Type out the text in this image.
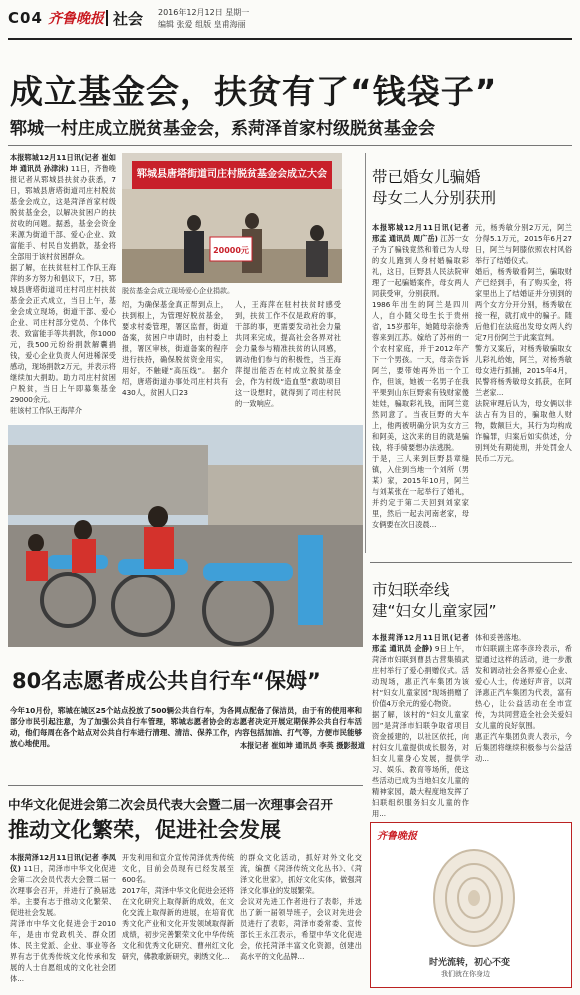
C04 齐鲁晚报 社会 2016年12月12日 星期一
编辑 张爱 组版 皇甫海丽
成立基金会，扶贫有了“钱袋子”
郓城一村庄成立脱贫基金会，系菏泽首家村级脱贫基金会
本报郓城12月11日讯(记者 崔如坤 通讯员 孙津沫) 11日，齐鲁晚报记者从郓城县扶贫办获悉，7日，郓城县唐塔街道司庄村脱贫基金会成立，这是菏泽首家村级脱贫基金会，以解决贫困户的扶贫收的问题。据悉，基金会资金来源为街道干部、爱心企业、致富能手、村民自发捐款，基金将全部用于该村贫困群众。
据了解，在扶贫驻村工作队王海萍的多方努力和倡议下，7日，郓城县唐塔街道司庄村司庄村扶贫基金会正式成立，当日上午，基金会成立现场，街道干部、爱心企业、司庄村部分党员、个体代表、致富能手等共捐款，你1000元，我500元纷纷捐款解囊捐钱，爱心企业负责人何进稀深受感动，现场捐款2万元，并表示将继续加大捐助。助力司庄村贫困户脱贫，当日上午即募集基金29000余元。
驻该村工作队王海萍介
郓城县唐塔街道司庄村脱贫基金会成立大会
20000元
脱贫基金会成立现场爱心企业捐款。
绍，为确保基金真正帮到点上，扶到根上，为管理好脱贫基金，要求村委管理，署区监督，街道备案，贫困户申请时，由村委上报，署区审核，街道备案的程序进行扶持，确保脱贫资金用实，用好，不触碰“高压线”。 据介绍，唐塔街道办事处司庄村共有430人，贫困人口23
人，王海萍在驻村扶贫时感受到，扶贫工作不仅是政府的事，干部的事，更需要发动社会力量共同来完成，提高社会各界对社会力量参与精准扶贫的认同感，调动他们参与的积极性，当王海萍提出能否在村成立脱贫基金会，作为村级“造血型”救助项目这一设想时，就得到了司庄村民的一致响应。
带已婚女儿骗婚
母女二人分别获刑
本报郓城12月11日讯(记者 邢孟 通讯员 周广岳) 江苏一女子为了骗钱竟然和着已为人母的女儿跑到人身村婚骗取彩礼，这日，巨野县人民法院审理了一起骗婚案件，母女两人同获受审，分别获刑。
1986年出生的阿兰是四川人，自小随父母生长于贵州省，15岁那年，她随母亲徐秀蓉来到江苏。嫁给了苏州的一个农村家庭，并于2012年产下一个男孩。一天，母亲告诉阿兰，要带她再外出一个工作，但该，她被一名男子在我平果到山东巨野索有钱财家傻娃娃，骗取彩礼钱，而阿兰竟然同意了。当夜巨野的大车上，他两被明确分识为女方三和阿美，这次来的目的就是骗钱，将手骑要想办法逃脱。
于是，三人来到巨野县章缝镇，入住到当地一个刘所（男某）家，2015年10月，阿兰与刘某张在一起举行了婚礼，并约定于第二天回到刘家家里，然后一起去河南老家，母女俩要在次日凌晨...
元，杨秀敏分别2万元，阿兰分得5.1万元，2015年6月27日，阿兰与阿膝依照农村风俗举行了结婚仪式。
婚后，杨秀敏看阿兰，骗取财产已经到手，有了购买金，将家里出上了结婚证并分别到的两个女方分开分别，杨秀敏在接一程，就打成中的骗子。随后他们在法庭出发母女两人约定7月份阿兰于此案宣判。
警方又案后，对杨秀敏骗取女儿彩礼给她，阿兰，对杨秀敏母女进行抓捕，2015年4月，民警将杨秀敏母女抓获，在阿兰老家...
法院审理后认为，母女俩以非法占有为目的，骗取他人财物，数额巨大，其行为均构成诈骗罪，归案后如实供述，分别判处有期徒刑，并处罚金人民币二万元。
市妇联牵线
建“妇女儿童家园”
本报菏泽12月11日讯(记者 邢孟 通讯员 企静) 9日上午，菏泽市妇联到曹县古营集镇武庄村举行了爱心捐赠仪式。活动现场，惠正汽车集团为该村“妇女儿童家园”现场捐赠了价值4万余元的爱心物资。
据了解，该村的“妇女儿童家园”是菏泽市妇联争取省项目资金援建的，以社区依托，向村妇女儿童提供成长服务，对妇女儿童身心发展，提供学习、娱乐、教育等场所，使这些活动已成为当地妇女儿童的精神家园，最大程度地发挥了妇联组织服务妇女儿童的作用...
体和妥善落地。
市妇联副主席李彦玲表示，希望通过这样的活动，进一步激发和调动社会各界爱心企业、爱心人士，传递好声音，以菏泽惠正汽车集团为代表，富有热心，让公益活动在全市宣传，为共同营造全社会关爱妇女儿童的良好氛围。
惠正汽车集团负责人表示，今后集团将继续积极参与公益活动...
80名志愿者成公共自行车“保姆”
今年10月份，郓城在城区25个站点投放了500辆公共自行车，为各网点配备了保洁员，由于有的使用率和部分市民引起注意，为了加强公共自行车管理，郓城志愿者协会的志愿者决定开展定期保养公共自行车活动，他们每周在各个站点对公共自行车进行清理、清洁、保养工作，内容包括加油、打气等，方便市民能够放心地使用。	本报记者 崔如坤 通讯员 李英 摄影报道
中华文化促进会第二次会员代表大会暨二届一次理事会召开
推动文化繁荣，促进社会发展
本报菏泽12月11日讯(记者 李凤仪) 11日，菏泽市中华文化促进会第二次会员代表大会暨二届一次理事会召开，并进行了换届选举。主要有志于推动文化繁荣、促进社会发展。
菏泽市中华文化促进会于2010年，是由市党政机关、群众团体、民主党派、企业、事业等各界有志于优秀传统文化传承和发展的人士自愿组成的文化社会团体...
开发利用和宣介宣传菏泽优秀传统文化，目前会员现有已经发展至600名。
2017年，菏泽中华文化促进会还将在文化研究上取得新的成效，在文化交流上取得新的进展，在培育优秀文化产业和文化开发领域取得新成绩，初步完善繁荣文化中华传统文化和优秀文化研究、曹州红文化研究，佛教歌新研究，刺绣文化...
的群众文化活动，抓好对外文化交流，编撰《菏泽传统文化丛书》、《菏泽文化世家》，抓好文化实体，做强菏泽文化事业的发展繁荣。
会议对先进工作者进行了表彰，并选出了新一届领导班子，会议对先进会员进行了表彰，菏泽市委常委、宣传部长王永江表示，希望中华文化促进会，依托菏泽丰富文化资源，创建出高水平的文化品牌...
齐鲁晚报
时光流转，初心不变
我们就在你身边
